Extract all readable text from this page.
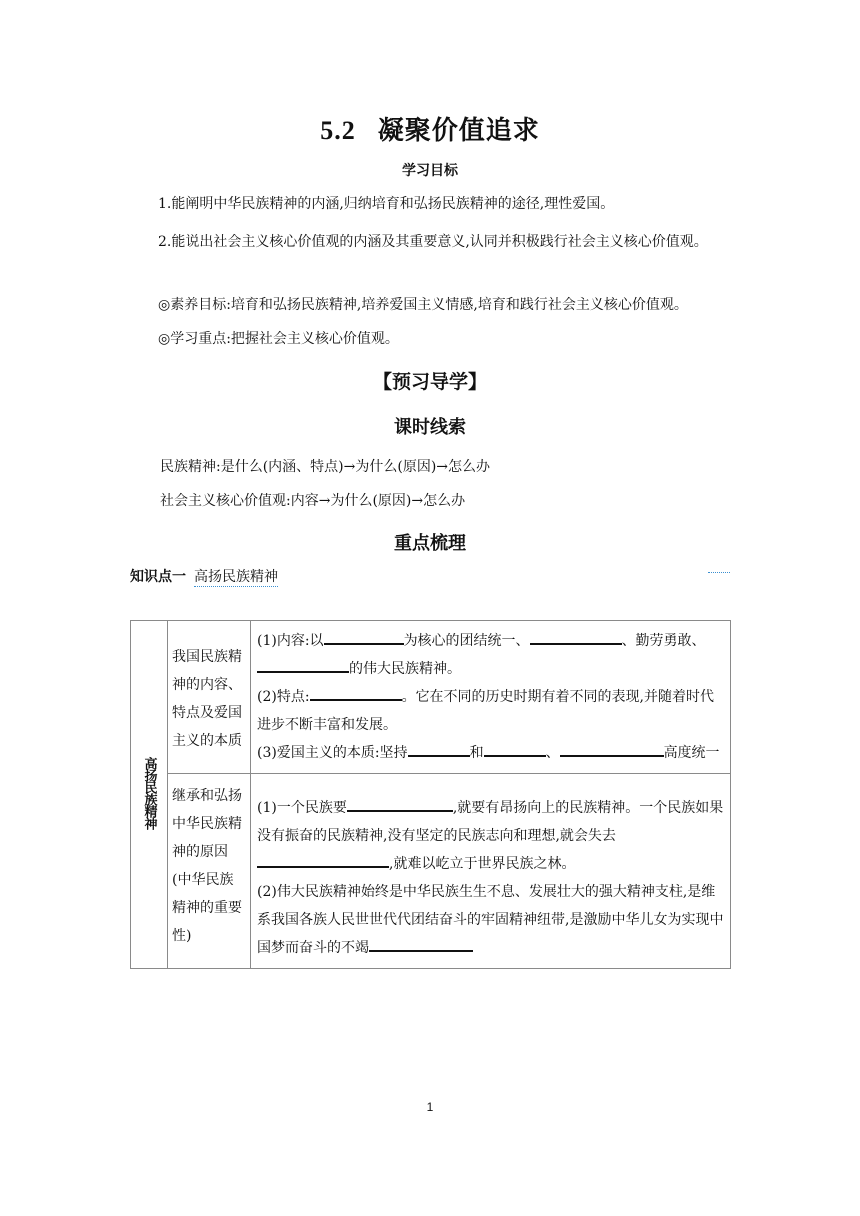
5.2 凝聚价值追求
学习目标
1.能阐明中华民族精神的内涵,归纳培育和弘扬民族精神的途径,理性爱国。
2.能说出社会主义核心价值观的内涵及其重要意义,认同并积极践行社会主义核心价值观。
◎素养目标:培育和弘扬民族精神,培养爱国主义情感,培育和践行社会主义核心价值观。
◎学习重点:把握社会主义核心价值观。
【预习导学】
课时线索
民族精神:是什么(内涵、特点)→为什么(原因)→怎么办
社会主义核心价值观:内容→为什么(原因)→怎么办
重点梳理
知识点一 高扬民族精神
高扬民族精神	我国民族精神的内容、特点及爱国主义的本质	(1)内容:以 为核心的团结统一、 、勤劳勇敢、的伟大民族精神。
(2)特点: 。它在不同的历史时期有着不同的表现,并随着时代进步不断丰富和发展。
(3)爱国主义的本质:坚持 和 、 高度统一

	继承和弘扬中华民族精神的原因(中华民族精神的重要性)	(1)一个民族要 ,就要有昂扬向上的民族精神。一个民族如果没有振奋的民族精神,没有坚定的民族志向和理想,就会失去,就难以屹立于世界民族之林。
(2)伟大民族精神始终是中华民族生生不息、发展壮大的强大精神支柱,是维系我国各族人民世世代代团结奋斗的牢固精神纽带,是激励中华儿女为实现中国梦而奋斗的不竭
1
